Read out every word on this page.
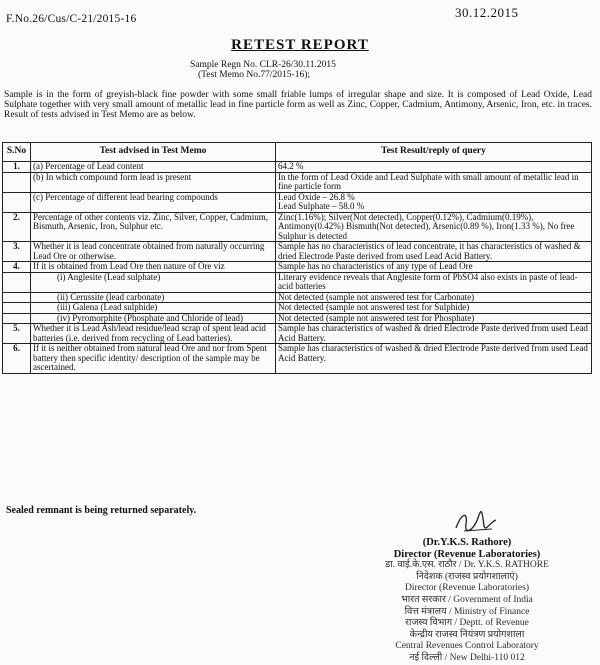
F.No.26/Cus/C-21/2015-16	30.12.2015
RETEST REPORT
Sample Regn No. CLR-26/30.11.2015
(Test Memo No.77/2015-16);
Sample is in the form of greyish-black fine powder with some small friable lumps of irregular shape and size. It is composed of Lead Oxide, Lead Sulphate together with very small amount of metallic lead in fine particle form as well as Zinc, Copper, Cadmium, Antimony, Arsenic, Iron, etc. in traces. Result of tests advised in Test Memo are as below.
S.No	Test advised in Test Memo	Test Result/reply of query
1.	(a) Percentage of Lead content	64.2 %
	(b) In which compound form lead is present	In the form of Lead Oxide and Lead Sulphate with small amount of metallic lead in fine particle form
	(c) Percentage of different lead bearing compounds	Lead Oxide – 26.8 %
Lead Sulphate – 58.0 %
2.	Percentage of other contents viz. Zinc, Silver, Copper, Cadmium, Bismuth, Arsenic, Iron, Sulphur etc.	Zinc(1.16%); Silver(Not detected), Copper(0.12%), Cadmium(0.19%), Antimony(0.42%) Bismuth(Not detected), Arsenic(0.89 %), Iron(1.33 %), No free Sulphur is detected
3.	Whether it is lead concentrate obtained from naturally occurring Lead Ore or otherwise.	Sample has no characteristics of lead concentrate, it has characteristics of washed & dried Electrode Paste derived from used Lead Acid Battery.
4.	If it is obtained from Lead Ore then nature of Ore viz	Sample has no characteristics of any type of Lead Ore
	(i) Anglesite (Lead sulphate)	Literary evidence reveals that Anglesite form of PbSO4 also exists in paste of lead-acid batteries
	(ii) Cerussite (lead carbonate)	Not detected (sample not answered test for Carbonate)
	(iii) Galena (Lead sulphide)	Not detected (sample not answered test for Sulphide)
	(iv) Pyromorphite (Phosphate and Chloride of lead)	Not detected (sample not answered test for Phosphate)
5.	Whether it is Lead Ash/lead residue/lead scrap of spent lead acid batteries (i.e. derived from recycling of Lead batteries).	Sample has characteristics of washed & dried Electrode Paste derived from used Lead Acid Battery.
6.	If it is neither obtained from natural lead Ore and nor from Spent battery then specific identity/ description of the sample may be ascertained.	Sample has characteristics of washed & dried Electrode Paste derived from used Lead Acid Battery.
Sealed remnant is being returned separately.
(Dr.Y.K.S. Rathore)
Director (Revenue Laboratories)
डा. वाई.के.एस. राठौर / Dr. Y.K.S. RATHORE
निदेशक (राजस्व प्रयोगशालाएं)
Director (Revenue Laboratories)
भारत सरकार / Government of India
वित्त मंत्रालय / Ministry of Finance
राजस्व विभाग / Deptt. of Revenue
केन्द्रीय राजस्व नियंत्रण प्रयोगशाला
Central Revenues Control Laboratory
नई दिल्ली / New Delhi-110 012
